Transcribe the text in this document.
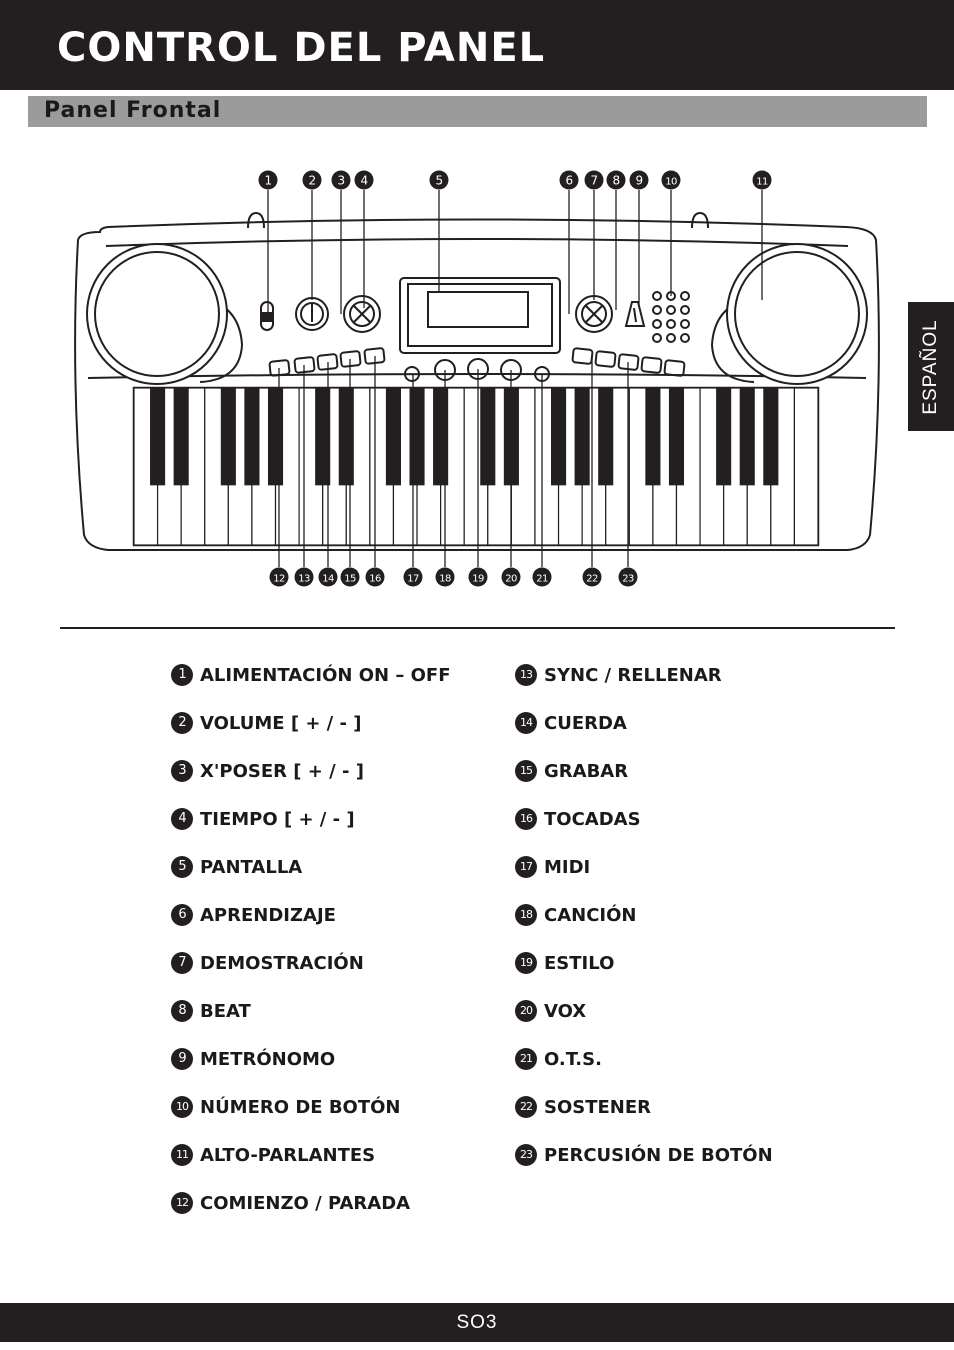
CONTROL DEL PANEL
Panel Frontal
ESPAÑOL
1	2 3 4	5	6 7 8 9 10	11
12 13 14 15 16	17 18 19 20 21	22 23
1 ALIMENTACIÓN ON – OFF
2 VOLUME [ + / - ]
3 X'POSER [ + / - ]
4 TIEMPO [ + / - ]
5 PANTALLA
6 APRENDIZAJE
7 DEMOSTRACIÓN
8 BEAT
9 METRÓNOMO
10 NÚMERO DE BOTÓN
11 ALTO-PARLANTES
12 COMIENZO / PARADA
13 SYNC / RELLENAR
14 CUERDA
15 GRABAR
16 TOCADAS
17 MIDI
18 CANCIÓN
19 ESTILO
20 VOX
21 O.T.S.
22 SOSTENER
23 PERCUSIÓN DE BOTÓN
SO3
